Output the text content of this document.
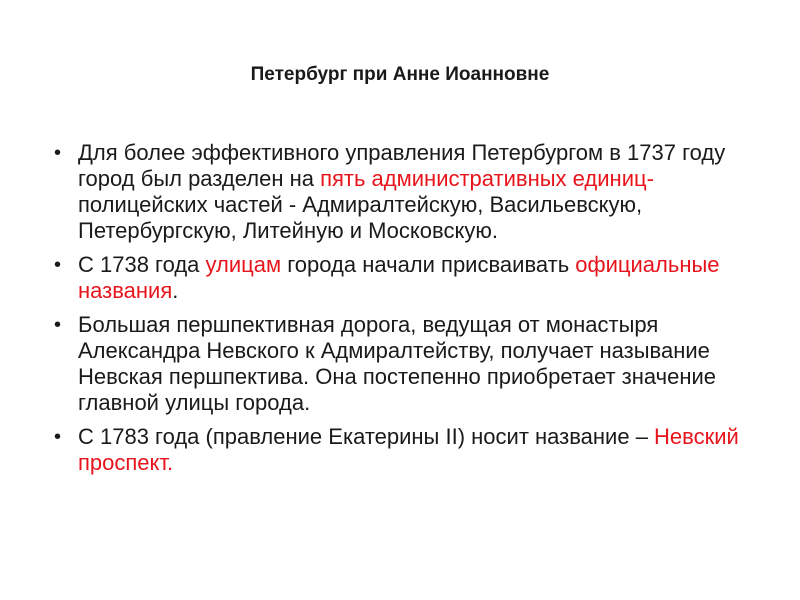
Петербург при Анне Иоанновне
• Для более эффективного управления Петербургом в 1737 году город был разделен на пять административных единиц- полицейских частей - Адмиралтейскую, Васильевскую, Петербургскую, Литейную и Московскую.
• С 1738 года улицам города начали присваивать официальные названия.
• Большая першпективная дорога, ведущая от монастыря Александра Невского к Адмиралтейству, получает называние Невская першпектива. Она постепенно приобретает значение главной улицы города.
• С 1783 года (правление Екатерины II) носит название – Невский проспект.
